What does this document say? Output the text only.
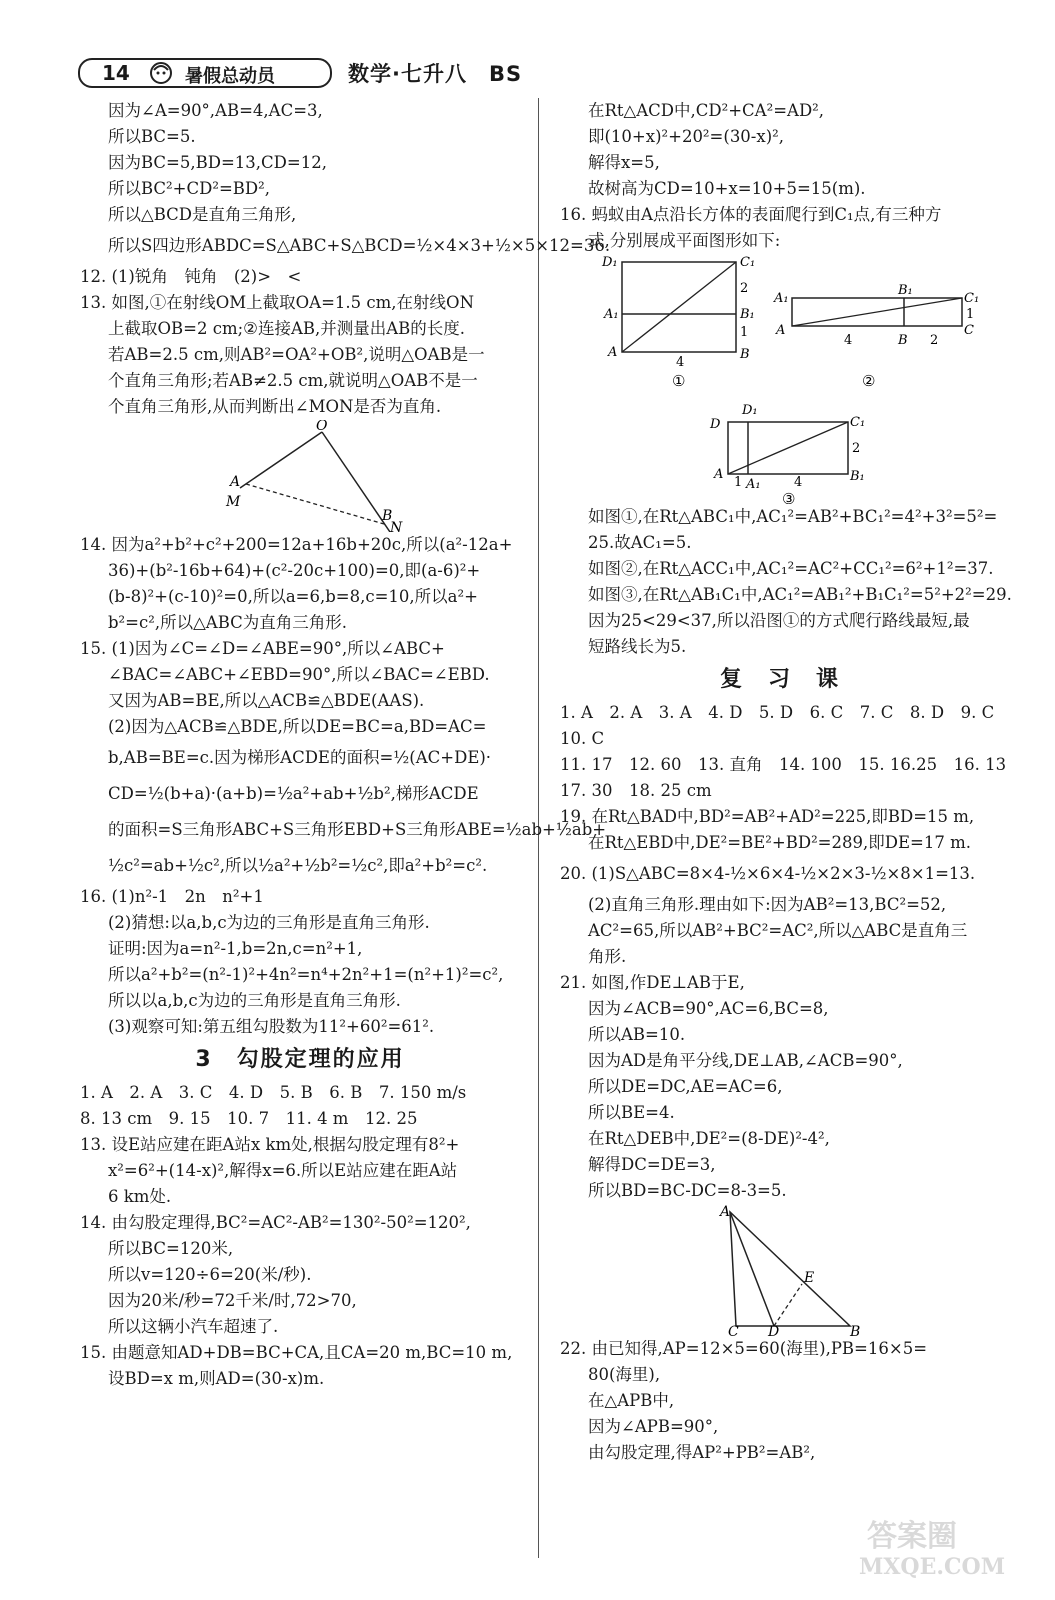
14	暑假总动员	数学·七升八　BS
因为∠A=90°,AB=4,AC=3,
所以BC=5.
因为BC=5,BD=13,CD=12,
所以BC²+CD²=BD²,
所以△BCD是直角三角形,
所以S四边形ABDC=S△ABC+S△BCD=½×4×3+½×5×12=36.
12. (1)锐角　钝角　(2)>　<
13. 如图,①在射线OM上截取OA=1.5 cm,在射线ON
上截取OB=2 cm;②连接AB,并测量出AB的长度.
若AB=2.5 cm,则AB²=OA²+OB²,说明△OAB是一
个直角三角形;若AB≠2.5 cm,就说明△OAB不是一
个直角三角形,从而判断出∠MON是否为直角.
O
A
M
B
N
14. 因为a²+b²+c²+200=12a+16b+20c,所以(a²-12a+
36)+(b²-16b+64)+(c²-20c+100)=0,即(a-6)²+
(b-8)²+(c-10)²=0,所以a=6,b=8,c=10,所以a²+
b²=c²,所以△ABC为直角三角形.
15. (1)因为∠C=∠D=∠ABE=90°,所以∠ABC+
∠BAC=∠ABC+∠EBD=90°,所以∠BAC=∠EBD.
又因为AB=BE,所以△ACB≌△BDE(AAS).
(2)因为△ACB≌△BDE,所以DE=BC=a,BD=AC=
b,AB=BE=c.因为梯形ACDE的面积=½(AC+DE)·
CD=½(b+a)·(a+b)=½a²+ab+½b²,梯形ACDE
的面积=S三角形ABC+S三角形EBD+S三角形ABE=½ab+½ab+
½c²=ab+½c²,所以½a²+½b²=½c²,即a²+b²=c².
16. (1)n²-1　2n　n²+1
(2)猜想:以a,b,c为边的三角形是直角三角形.
证明:因为a=n²-1,b=2n,c=n²+1,
所以a²+b²=(n²-1)²+4n²=n⁴+2n²+1=(n²+1)²=c²,
所以以a,b,c为边的三角形是直角三角形.
(3)观察可知:第五组勾股数为11²+60²=61².
3　勾股定理的应用
1. A　2. A　3. C　4. D　5. B　6. B　7. 150 m/s
8. 13 cm　9. 15　10. 7　11. 4 m　12. 25
13. 设E站应建在距A站x km处,根据勾股定理有8²+
x²=6²+(14-x)²,解得x=6.所以E站应建在距A站
6 km处.
14. 由勾股定理得,BC²=AC²-AB²=130²-50²=120²,
所以BC=120米,
所以v=120÷6=20(米/秒).
因为20米/秒=72千米/时,72>70,
所以这辆小汽车超速了.
15. 由题意知AD+DB=BC+CA,且CA=20 m,BC=10 m,
设BD=x m,则AD=(30-x)m.
在Rt△ACD中,CD²+CA²=AD²,
即(10+x)²+20²=(30-x)²,
解得x=5,
故树高为CD=10+x=10+5=15(m).
16. 蚂蚁由A点沿长方体的表面爬行到C₁点,有三种方
式,分别展成平面图形如下:
D₁	C₁
A₁	B₁
A	B
2
1
4
①
A₁
B₁
C₁
A
B
C
4	2
1
②
D
D₁
C₁
A
A₁
B₁
1	4
2
③
如图①,在Rt△ABC₁中,AC₁²=AB²+BC₁²=4²+3²=5²=
25.故AC₁=5.
如图②,在Rt△ACC₁中,AC₁²=AC²+CC₁²=6²+1²=37.
如图③,在Rt△AB₁C₁中,AC₁²=AB₁²+B₁C₁²=5²+2²=29.
因为25<29<37,所以沿图①的方式爬行路线最短,最
短路线长为5.
复　习　课
1. A　2. A　3. A　4. D　5. D　6. C　7. C　8. D　9. C
10. C
11. 17　12. 60　13. 直角　14. 100　15. 16.25　16. 13
17. 30　18. 25 cm
19. 在Rt△BAD中,BD²=AB²+AD²=225,即BD=15 m,
在Rt△EBD中,DE²=BE²+BD²=289,即DE=17 m.
20. (1)S△ABC=8×4-½×6×4-½×2×3-½×8×1=13.
(2)直角三角形.理由如下:因为AB²=13,BC²=52,
AC²=65,所以AB²+BC²=AC²,所以△ABC是直角三
角形.
21. 如图,作DE⊥AB于E,
因为∠ACB=90°,AC=6,BC=8,
所以AB=10.
因为AD是角平分线,DE⊥AB,∠ACB=90°,
所以DE=DC,AE=AC=6,
所以BE=4.
在Rt△DEB中,DE²=(8-DE)²-4²,
解得DC=DE=3,
所以BD=BC-DC=8-3=5.
A
E
C D	B
22. 由已知得,AP=12×5=60(海里),PB=16×5=
80(海里),
在△APB中,
因为∠APB=90°,
由勾股定理,得AP²+PB²=AB²,
答案圈
MXQE.COM
